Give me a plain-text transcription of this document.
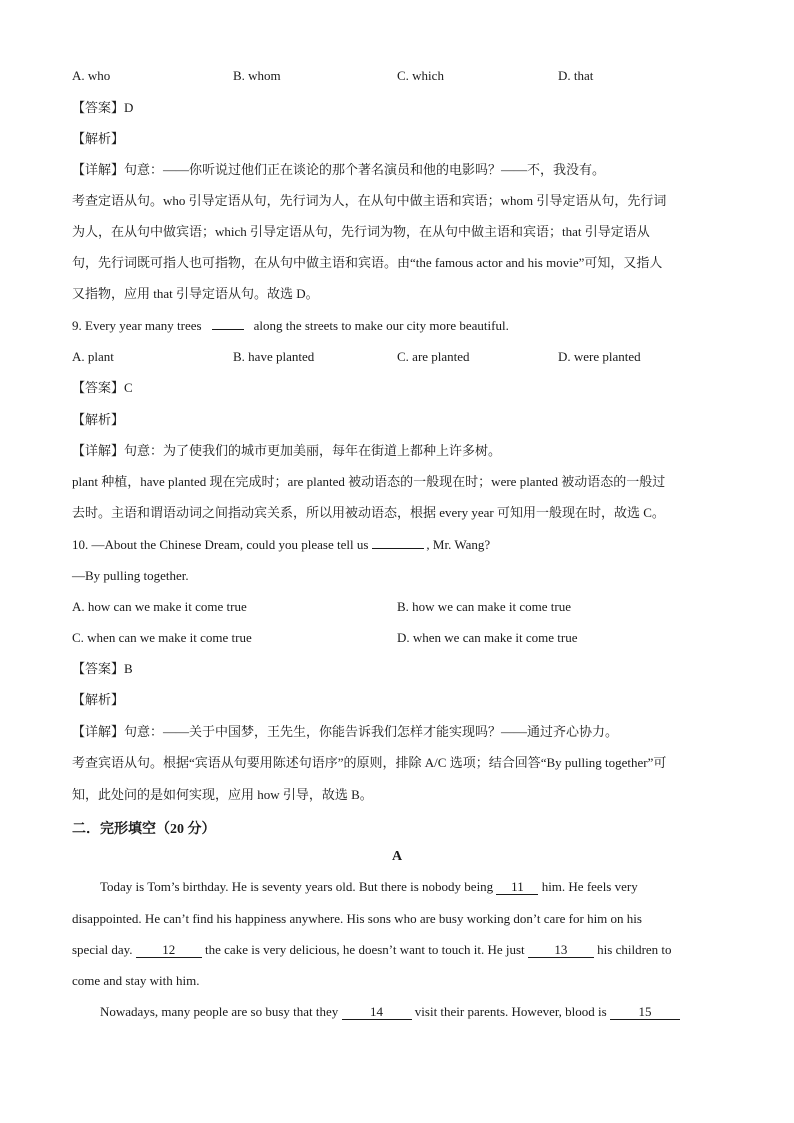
A. who	B. whom	C. which	D. that
【答案】D
【解析】
【详解】句意：——你听说过他们正在谈论的那个著名演员和他的电影吗？——不，我没有。
考查定语从句。who 引导定语从句，先行词为人，在从句中做主语和宾语；whom 引导定语从句，先行词
为人，在从句中做宾语；which 引导定语从句，先行词为物，在从句中做主语和宾语；that 引导定语从
句，先行词既可指人也可指物，在从句中做主语和宾语。由“the famous actor and his movie”可知，又指人
又指物，应用 that 引导定语从句。故选 D。
9. Every year many trees	along the streets to make our city more beautiful.
A. plant	B. have planted	C. are planted	D. were planted
【答案】C
【解析】
【详解】句意：为了使我们的城市更加美丽，每年在街道上都种上许多树。
plant 种植，have planted 现在完成时；are planted 被动语态的一般现在时；were planted 被动语态的一般过
去时。主语和谓语动词之间指动宾关系，所以用被动语态，根据 every year 可知用一般现在时，故选 C。
10. —About the Chinese Dream, could you please tell us	, Mr. Wang?
—By pulling together.
A. how can we make it come true	B. how we can make it come true
C. when can we make it come true	D. when we can make it come true
【答案】B
【解析】
【详解】句意：——关于中国梦，王先生，你能告诉我们怎样才能实现吗？——通过齐心协力。
考查宾语从句。根据“宾语从句要用陈述句语序”的原则，排除 A/C 选项；结合回答“By pulling together”可
知，此处问的是如何实现，应用 how 引导，故选 B。
二．完形填空（20 分）
A
Today is Tom’s birthday. He is seventy years old. But there is nobody being 11 him. He feels very
disappointed. He can’t find his happiness anywhere. His sons who are busy working don’t care for him on his
special day. 12 the cake is very delicious, he doesn’t want to touch it. He just 13 his children to
come and stay with him.
Nowadays, many people are so busy that they 14 visit their parents. However, blood is 15
